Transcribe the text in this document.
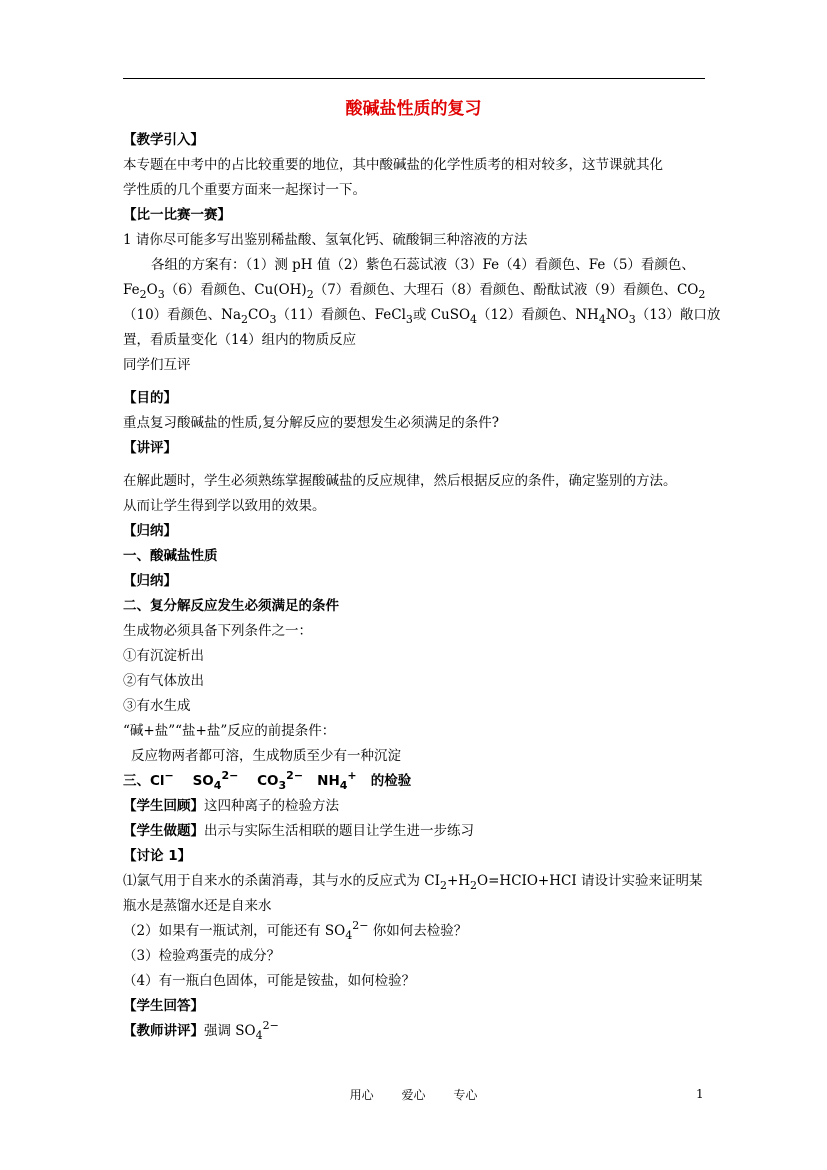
酸碱盐性质的复习
【教学引入】
本专题在中考中的占比较重要的地位，其中酸碱盐的化学性质考的相对较多，这节课就其化
学性质的几个重要方面来一起探讨一下。
【比一比赛一赛】
1 请你尽可能多写出鉴别稀盐酸、氢氧化钙、硫酸铜三种溶液的方法
各组的方案有：（1）测 pH 值（2）紫色石蕊试液（3）Fe（4）看颜色、Fe（5）看颜色、
$Fe_2O_3(6)$看颜色、$Cu(OH)_2(7)$看颜色、大理石（8）看颜色、酚酞试液（9）看颜色、$CO_2$
（10）看颜色、$Na_2CO_3(11)$看颜色、FeCl$_3$或 CuSO$_4$（12）看颜色、$NH_4NO_3(13)$敞口放
置，看质量变化（14）组内的物质反应
同学们互评
【目的】
重点复习酸碱盐的性质,复分解反应的要想发生必须满足的条件?
【讲评】
在解此题时，学生必须熟练掌握酸碱盐的反应规律，然后根据反应的条件，确定鉴别的方法。
从而让学生得到学以致用的效果。
【归纳】
一、酸碱盐性质
【归纳】
二、复分解反应发生必须满足的条件
生成物必须具备下列条件之一：
①有沉淀析出
②有气体放出
③有水生成
“碱+盐”“盐+盐”反应的前提条件：
反应物两者都可溶，生成物质至少有一种沉淀
三、Cl− $SO_4^{2-}$ $CO_3^{2-}$ $NH_4^+$ 的检验
【学生回顾】这四种离子的检验方法
【学生做题】出示与实际生活相联的题目让学生进一步练习
【讨论 1】
⑴氯气用于自来水的杀菌消毒，其与水的反应式为 $CI_2+H_2O=HCIO+HCI$ 请设计实验来证明某
瓶水是蒸馏水还是自来水
（2）如果有一瓶试剂，可能还有 $SO_4^{2-}$ 你如何去检验？
（3）检验鸡蛋壳的成分？
（4）有一瓶白色固体，可能是铵盐，如何检验？
【学生回答】
【教师讲评】强调 $SO_4^{2-}$
用心 爱心 专心	1
